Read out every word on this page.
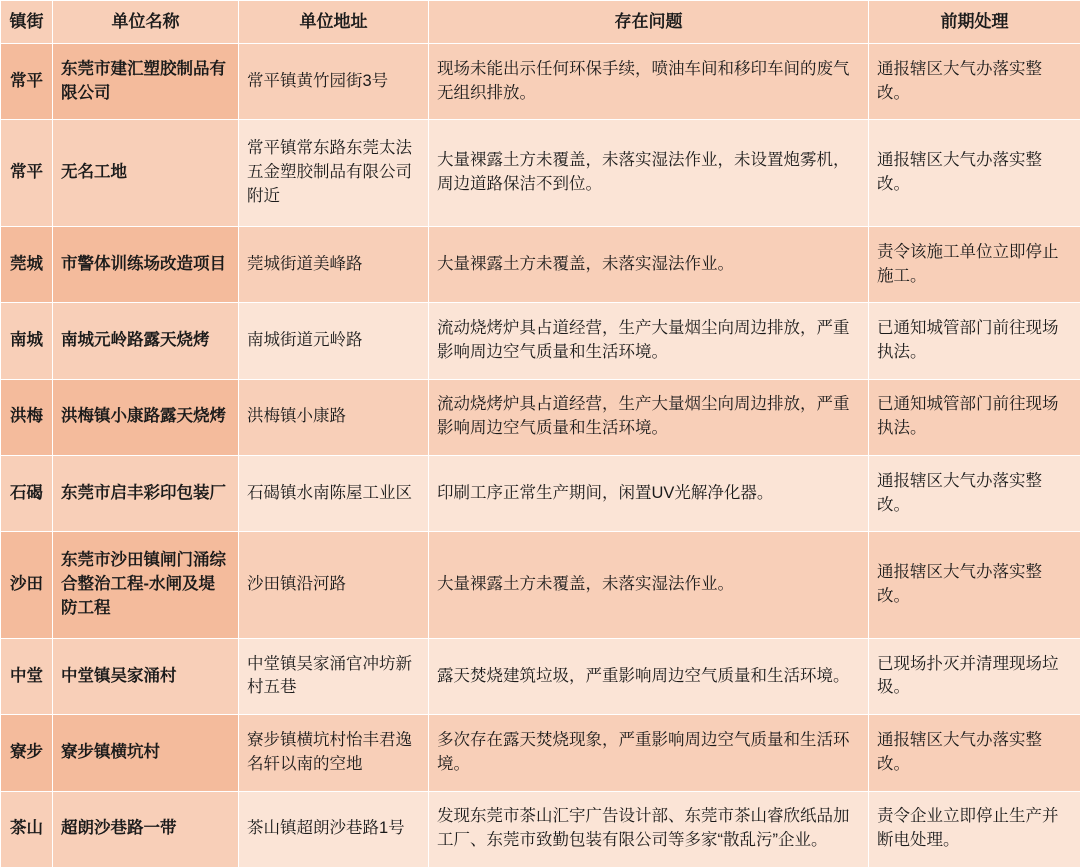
镇街	单位名称	单位地址	存在问题	前期处理
常平	东莞市建汇塑胶制品有限公司	常平镇黄竹园街3号	现场未能出示任何环保手续，喷油车间和移印车间的废气无组织排放。	通报辖区大气办落实整改。
常平	无名工地	常平镇常东路东莞太法五金塑胶制品有限公司附近	大量裸露土方未覆盖，未落实湿法作业，未设置炮雾机，周边道路保洁不到位。	通报辖区大气办落实整改。
莞城	市警体训练场改造项目	莞城街道美峰路	大量裸露土方未覆盖，未落实湿法作业。	责令该施工单位立即停止施工。
南城	南城元岭路露天烧烤	南城街道元岭路	流动烧烤炉具占道经营，生产大量烟尘向周边排放，严重影响周边空气质量和生活环境。	已通知城管部门前往现场执法。
洪梅	洪梅镇小康路露天烧烤	洪梅镇小康路	流动烧烤炉具占道经营，生产大量烟尘向周边排放，严重影响周边空气质量和生活环境。	已通知城管部门前往现场执法。
石碣	东莞市启丰彩印包装厂	石碣镇水南陈屋工业区	印刷工序正常生产期间，闲置UV光解净化器。	通报辖区大气办落实整改。
沙田	东莞市沙田镇闸门涌综合整治工程-水闸及堤防工程	沙田镇沿河路	大量裸露土方未覆盖，未落实湿法作业。	通报辖区大气办落实整改。
中堂	中堂镇吴家涌村	中堂镇吴家涌官冲坊新村五巷	露天焚烧建筑垃圾，严重影响周边空气质量和生活环境。	已现场扑灭并清理现场垃圾。
寮步	寮步镇横坑村	寮步镇横坑村怡丰君逸名轩以南的空地	多次存在露天焚烧现象，严重影响周边空气质量和生活环境。	通报辖区大气办落实整改。
茶山	超朗沙巷路一带	茶山镇超朗沙巷路1号	发现东莞市茶山汇宇广告设计部、东莞市茶山睿欣纸品加工厂、东莞市致勤包装有限公司等多家“散乱污”企业。	责令企业立即停止生产并断电处理。
